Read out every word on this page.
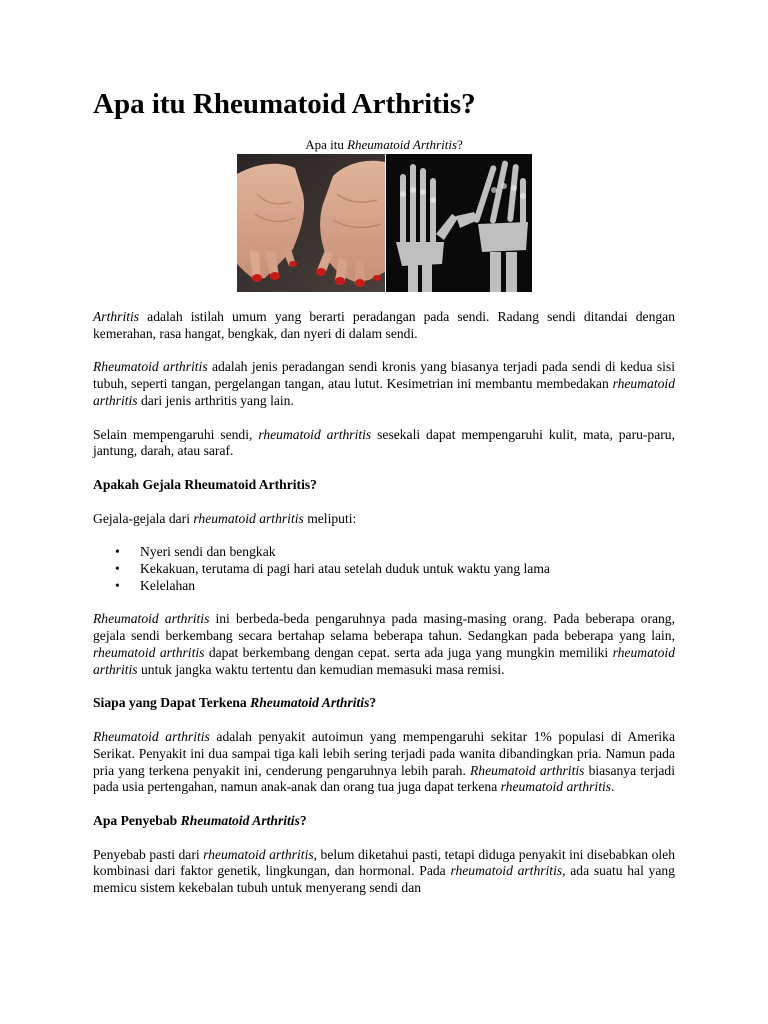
Apa itu Rheumatoid Arthritis?
Apa itu Rheumatoid Arthritis?

Arthritis adalah istilah umum yang berarti peradangan pada sendi. Radang sendi ditandai dengan kemerahan, rasa hangat, bengkak, dan nyeri di dalam sendi.

Rheumatoid arthritis adalah jenis peradangan sendi kronis yang biasanya terjadi pada sendi di kedua sisi tubuh, seperti tangan, pergelangan tangan, atau lutut. Kesimetrian ini membantu membedakan rheumatoid arthritis dari jenis arthritis yang lain.

Selain mempengaruhi sendi, rheumatoid arthritis sesekali dapat mempengaruhi kulit, mata, paru-paru, jantung, darah, atau saraf.

Apakah Gejala Rheumatoid Arthritis?

Gejala-gejala dari rheumatoid arthritis meliputi:

• Nyeri sendi dan bengkak
• Kekakuan, terutama di pagi hari atau setelah duduk untuk waktu yang lama
• Kelelahan

Rheumatoid arthritis ini berbeda-beda pengaruhnya pada masing-masing orang. Pada beberapa orang, gejala sendi berkembang secara bertahap selama beberapa tahun. Sedangkan pada beberapa yang lain, rheumatoid arthritis dapat berkembang dengan cepat. serta ada juga yang mungkin memiliki rheumatoid arthritis untuk jangka waktu tertentu dan kemudian memasuki masa remisi.

Siapa yang Dapat Terkena Rheumatoid Arthritis?

Rheumatoid arthritis adalah penyakit autoimun yang mempengaruhi sekitar 1% populasi di Amerika Serikat. Penyakit ini dua sampai tiga kali lebih sering terjadi pada wanita dibandingkan pria. Namun pada pria yang terkena penyakit ini, cenderung pengaruhnya lebih parah. Rheumatoid arthritis biasanya terjadi pada usia pertengahan, namun anak-anak dan orang tua juga dapat terkena rheumatoid arthritis.

Apa Penyebab Rheumatoid Arthritis?

Penyebab pasti dari rheumatoid arthritis, belum diketahui pasti, tetapi diduga penyakit ini disebabkan oleh kombinasi dari faktor genetik, lingkungan, dan hormonal. Pada rheumatoid arthritis, ada suatu hal yang memicu sistem kekebalan tubuh untuk menyerang sendi dan
